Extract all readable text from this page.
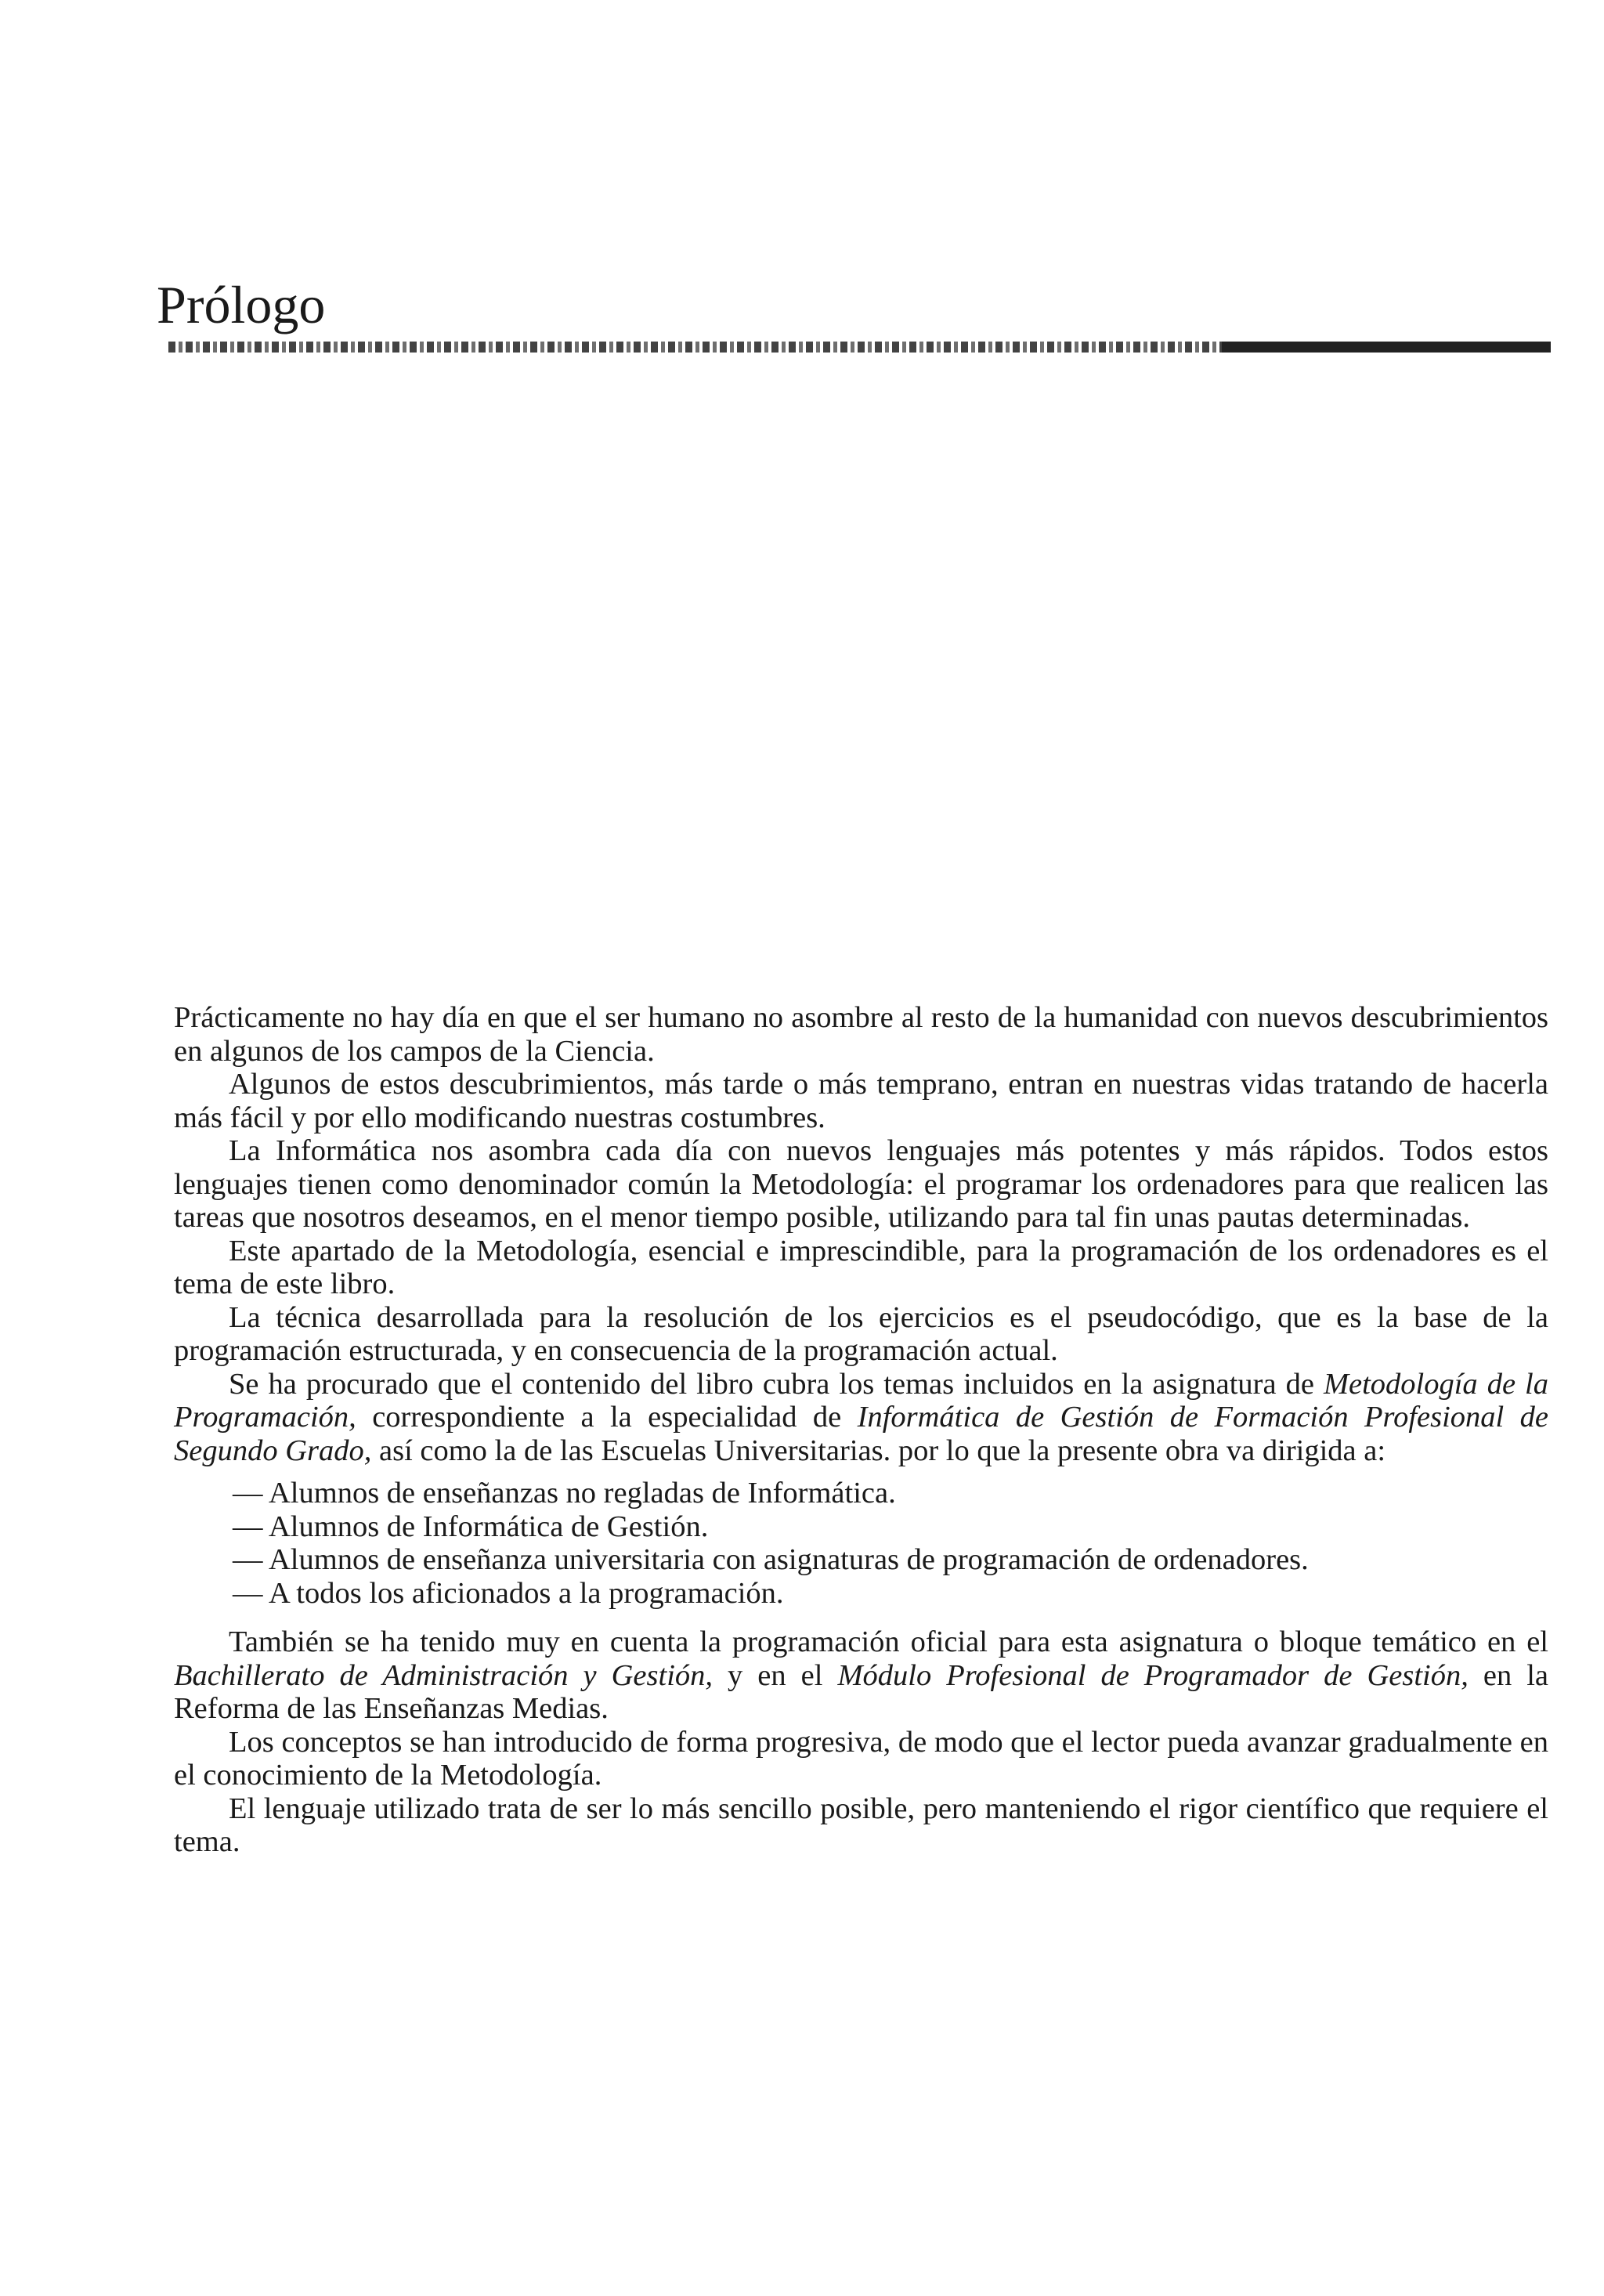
Prólogo

Prácticamente no hay día en que el ser humano no asombre al resto de la humanidad con nuevos descubrimientos en algunos de los campos de la Ciencia.

Algunos de estos descubrimientos, más tarde o más temprano, entran en nuestras vidas tratando de hacerla más fácil y por ello modificando nuestras costumbres.

La Informática nos asombra cada día con nuevos lenguajes más potentes y más rápidos. Todos estos lenguajes tienen como denominador común la Metodología: el programar los ordenadores para que realicen las tareas que nosotros deseamos, en el menor tiempo posible, utilizando para tal fin unas pautas determinadas.

Este apartado de la Metodología, esencial e imprescindible, para la programación de los ordenadores es el tema de este libro.

La técnica desarrollada para la resolución de los ejercicios es el pseudocódigo, que es la base de la programación estructurada, y en consecuencia de la programación actual.

Se ha procurado que el contenido del libro cubra los temas incluidos en la asignatura de Metodología de la Programación, correspondiente a la especialidad de Informática de Gestión de Formación Profesional de Segundo Grado, así como la de las Escuelas Universitarias. por lo que la presente obra va dirigida a:

— Alumnos de enseñanzas no regladas de Informática.
— Alumnos de Informática de Gestión.
— Alumnos de enseñanza universitaria con asignaturas de programación de ordenadores.
— A todos los aficionados a la programación.

También se ha tenido muy en cuenta la programación oficial para esta asignatura o bloque temático en el Bachillerato de Administración y Gestión, y en el Módulo Profesional de Programador de Gestión, en la Reforma de las Enseñanzas Medias.

Los conceptos se han introducido de forma progresiva, de modo que el lector pueda avanzar gradualmente en el conocimiento de la Metodología.

El lenguaje utilizado trata de ser lo más sencillo posible, pero manteniendo el rigor científico que requiere el tema.
